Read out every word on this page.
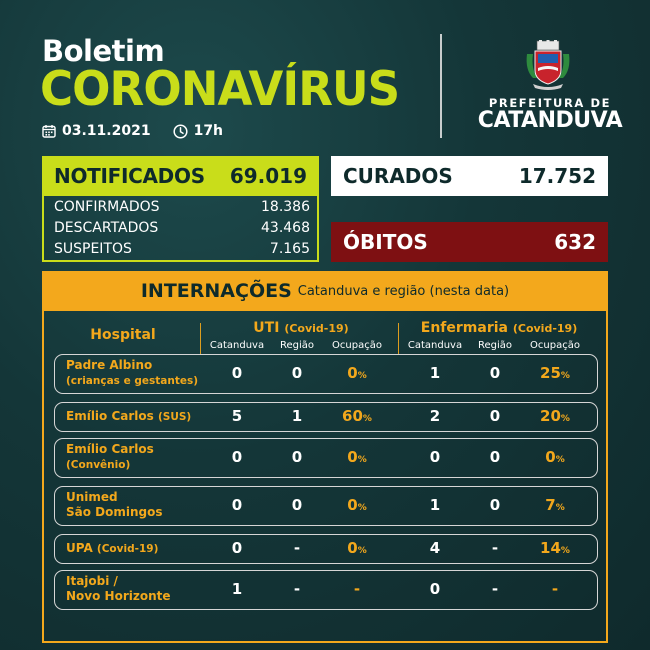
Boletim
CORONAVÍRUS
03.11.2021	17h
PREFEITURA DE
CATANDUVA
NOTIFICADOS 69.019
CONFIRMADOS	18.386
DESCARTADOS	43.468
SUSPEITOS	7.165
CURADOS	17.752
ÓBITOS	632
INTERNAÇÕES Catanduva e região (nesta data)
Hospital	UTI (Covid-19)	Enfermaria (Covid-19)
Catanduva	Região	Ocupação	Catanduva	Região	Ocupação
Padre Albino
(crianças e gestantes)	0	0	0%	1	0	25%
Emílio Carlos (SUS)	5	1	60%	2	0	20%
Emílio Carlos
(Convênio)	0	0	0%	0	0	0%
Unimed
São Domingos	0	0	0%	1	0	7%
UPA (Covid-19)	0	-	0%	4	-	14%
Itajobi /
Novo Horizonte	1	-	-	0	-	-
